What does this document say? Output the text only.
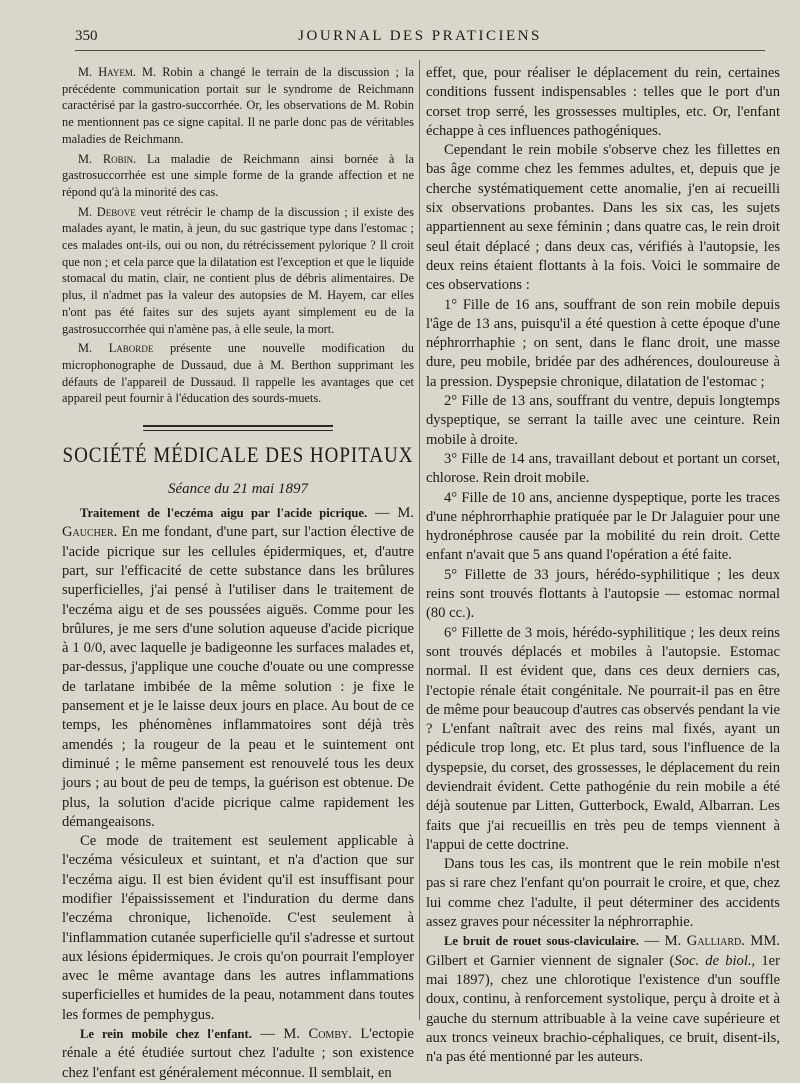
350	JOURNAL DES PRATICIENS

M. Hayem. M. Robin a changé le terrain de la discussion ; la précédente communication portait sur le syndrome de Reichmann caractérisé par la gastro-succorrhée. Or, les observations de M. Robin ne mentionnent pas ce signe capital. Il ne parle donc pas de véritables maladies de Reichmann.

M. Robin. La maladie de Reichmann ainsi bornée à la gastrosuccorrhée est une simple forme de la grande affection et ne répond qu'à la minorité des cas.

M. Debove veut rétrécir le champ de la discussion ; il existe des malades ayant, le matin, à jeun, du suc gastrique type dans l'estomac ; ces malades ont-ils, oui ou non, du rétrécissement pylorique ? Il croit que non ; et cela parce que la dilatation est l'exception et que le liquide stomacal du matin, clair, ne contient plus de débris alimentaires. De plus, il n'admet pas la valeur des autopsies de M. Hayem, car elles n'ont pas été faites sur des sujets ayant simplement eu de la gastrosuccorrhée qui n'amène pas, à elle seule, la mort.

M. Laborde présente une nouvelle modification du microphonographe de Dussaud, due à M. Berthon supprimant les défauts de l'appareil de Dussaud. Il rappelle les avantages que cet appareil peut fournir à l'éducation des sourds-muets.

SOCIÉTÉ MÉDICALE DES HOPITAUX
Séance du 21 mai 1897

Traitement de l'eczéma aigu par l'acide picrique. — M. Gaucher. En me fondant, d'une part, sur l'action élective de l'acide picrique sur les cellules épidermiques, et, d'autre part, sur l'efficacité de cette substance dans les brûlures superficielles, j'ai pensé à l'utiliser dans le traitement de l'eczéma aigu et de ses poussées aiguës. Comme pour les brûlures, je me sers d'une solution aqueuse d'acide picrique à 1 0/0, avec laquelle je badigeonne les surfaces malades et, par-dessus, j'applique une couche d'ouate ou une compresse de tarlatane imbibée de la même solution : je fixe le pansement et je le laisse deux jours en place. Au bout de ce temps, les phénomènes inflammatoires sont déjà très amendés ; la rougeur de la peau et le suintement ont diminué ; le même pansement est renouvelé tous les deux jours ; au bout de peu de temps, la guérison est obtenue. De plus, la solution d'acide picrique calme rapidement les démangeaisons.

Ce mode de traitement est seulement applicable à l'eczéma vésiculeux et suintant, et n'a d'action que sur l'eczéma aigu. Il est bien évident qu'il est insuffisant pour modifier l'épaississement et l'induration du derme dans l'eczéma chronique, lichenoïde. C'est seulement à l'inflammation cutanée superficielle qu'il s'adresse et surtout aux lésions épidermiques. Je crois qu'on pourrait l'employer avec le même avantage dans les autres inflammations superficielles et humides de la peau, notamment dans toutes les formes de pemphygus.

Le rein mobile chez l'enfant. — M. Comby. L'ectopie rénale a été étudiée surtout chez l'adulte ; son existence chez l'enfant est généralement méconnue. Il semblait, en

effet, que, pour réaliser le déplacement du rein, certaines conditions fussent indispensables : telles que le port d'un corset trop serré, les grossesses multiples, etc. Or, l'enfant échappe à ces influences pathogéniques.

Cependant le rein mobile s'observe chez les fillettes en bas âge comme chez les femmes adultes, et, depuis que je cherche systématiquement cette anomalie, j'en ai recueilli six observations probantes. Dans les six cas, les sujets appartiennent au sexe féminin ; dans quatre cas, le rein droit seul était déplacé ; dans deux cas, vérifiés à l'autopsie, les deux reins étaient flottants à la fois. Voici le sommaire de ces observations :

1° Fille de 16 ans, souffrant de son rein mobile depuis l'âge de 13 ans, puisqu'il a été question à cette époque d'une néphrorrhaphie ; on sent, dans le flanc droit, une masse dure, peu mobile, bridée par des adhérences, douloureuse à la pression. Dyspepsie chronique, dilatation de l'estomac ;

2° Fille de 13 ans, souffrant du ventre, depuis longtemps dyspeptique, se serrant la taille avec une ceinture. Rein mobile à droite.

3° Fille de 14 ans, travaillant debout et portant un corset, chlorose. Rein droit mobile.

4° Fille de 10 ans, ancienne dyspeptique, porte les traces d'une néphrorrhaphie pratiquée par le Dr Jalaguier pour une hydronéphrose causée par la mobilité du rein droit. Cette enfant n'avait que 5 ans quand l'opération a été faite.

5° Fillette de 33 jours, hérédo-syphilitique ; les deux reins sont trouvés flottants à l'autopsie — estomac normal (80 cc.).

6° Fillette de 3 mois, hérédo-syphilitique ; les deux reins sont trouvés déplacés et mobiles à l'autopsie. Estomac normal. Il est évident que, dans ces deux derniers cas, l'ectopie rénale était congénitale. Ne pourrait-il pas en être de même pour beaucoup d'autres cas observés pendant la vie ? L'enfant naîtrait avec des reins mal fixés, ayant un pédicule trop long, etc. Et plus tard, sous l'influence de la dyspepsie, du corset, des grossesses, le déplacement du rein deviendrait évident. Cette pathogénie du rein mobile a été déjà soutenue par Litten, Gutterbock, Ewald, Albarran. Les faits que j'ai recueillis en très peu de temps viennent à l'appui de cette doctrine.

Dans tous les cas, ils montrent que le rein mobile n'est pas si rare chez l'enfant qu'on pourrait le croire, et que, chez lui comme chez l'adulte, il peut déterminer des accidents assez graves pour nécessiter la néphrorraphie.

Le bruit de rouet sous-claviculaire. — M. Galliard. MM. Gilbert et Garnier viennent de signaler (Soc. de biol., 1er mai 1897), chez une chlorotique l'existence d'un souffle doux, continu, à renforcement systolique, perçu à droite et à gauche du sternum attribuable à la veine cave supérieure et aux troncs veineux brachio-céphaliques, ce bruit, disent-ils, n'a pas été mentionné par les auteurs.
